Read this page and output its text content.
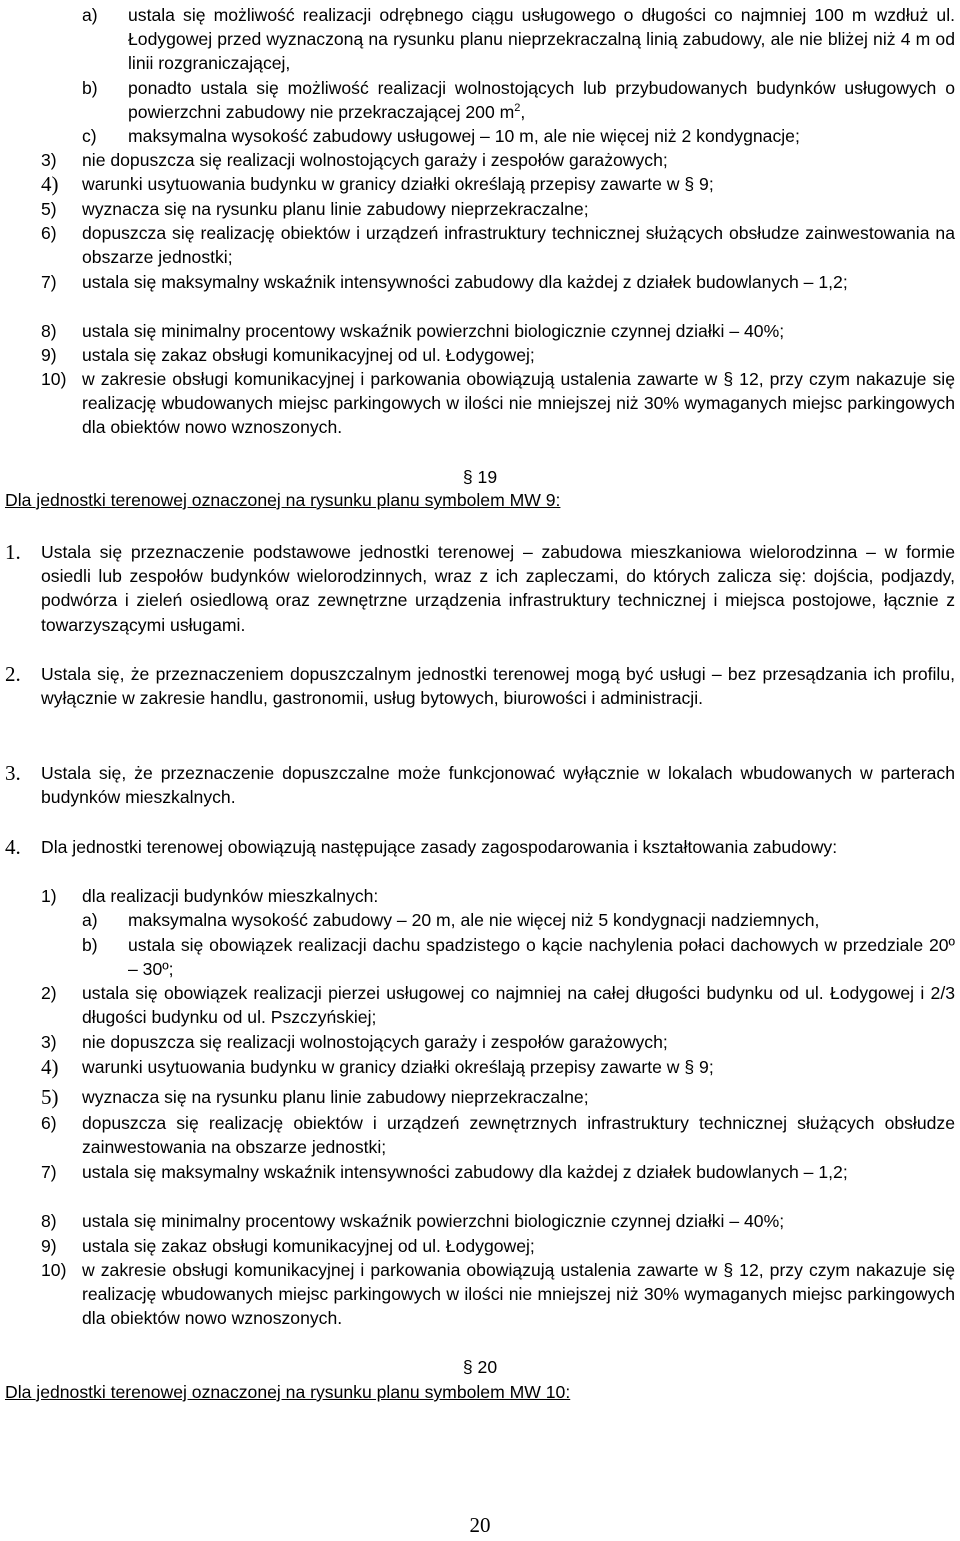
a) ustala się możliwość realizacji odrębnego ciągu usługowego o długości co najmniej 100 m wzdłuż ul. Łodygowej przed wyznaczoną na rysunku planu nieprzekraczalną linią zabudowy, ale nie bliżej niż 4 m od linii rozgraniczającej,
b) ponadto ustala się możliwość realizacji wolnostojących lub przybudowanych budynków usługowych o powierzchni zabudowy nie przekraczającej 200 $m^2$,
c) maksymalna wysokość zabudowy usługowej – 10 m, ale nie więcej niż 2 kondygnacje;
3) nie dopuszcza się realizacji wolnostojących garaży i zespołów garażowych;
4) warunki usytuowania budynku w granicy działki określają przepisy zawarte w § 9;
5) wyznacza się na rysunku planu linie zabudowy nieprzekraczalne;
6) dopuszcza się realizację obiektów i urządzeń infrastruktury technicznej służących obsłudze zainwestowania na obszarze jednostki;
7) ustala się maksymalny wskaźnik intensywności zabudowy dla każdej z działek budowlanych – 1,2;
8) ustala się minimalny procentowy wskaźnik powierzchni biologicznie czynnej działki – 40%;
9) ustala się zakaz obsługi komunikacyjnej od ul. Łodygowej;
10) w zakresie obsługi komunikacyjnej i parkowania obowiązują ustalenia zawarte w § 12, przy czym nakazuje się realizację wbudowanych miejsc parkingowych w ilości nie mniejszej niż 30% wymaganych miejsc parkingowych dla obiektów nowo wznoszonych.
§ 19
Dla jednostki terenowej oznaczonej na rysunku planu symbolem MW 9:
1. Ustala się przeznaczenie podstawowe jednostki terenowej – zabudowa mieszkaniowa wielorodzinna – w formie osiedli lub zespołów budynków wielorodzinnych, wraz z ich zapleczami, do których zalicza się: dojścia, podjazdy, podwórza i zieleń osiedlową oraz zewnętrzne urządzenia infrastruktury technicznej i miejsca postojowe, łącznie z towarzyszącymi usługami.
2. Ustala się, że przeznaczeniem dopuszczalnym jednostki terenowej mogą być usługi – bez przesądzania ich profilu, wyłącznie w zakresie handlu, gastronomii, usług bytowych, biurowości i administracji.
3. Ustala się, że przeznaczenie dopuszczalne może funkcjonować wyłącznie w lokalach wbudowanych w parterach budynków mieszkalnych.
4. Dla jednostki terenowej obowiązują następujące zasady zagospodarowania i kształtowania zabudowy:
1) dla realizacji budynków mieszkalnych:
a) maksymalna wysokość zabudowy – 20 m, ale nie więcej niż 5 kondygnacji nadziemnych,
b) ustala się obowiązek realizacji dachu spadzistego o kącie nachylenia połaci dachowych w przedziale 20º – 30º;
2) ustala się obowiązek realizacji pierzei usługowej co najmniej na całej długości budynku od ul. Łodygowej i 2/3 długości budynku od ul. Pszczyńskiej;
3) nie dopuszcza się realizacji wolnostojących garaży i zespołów garażowych;
4) warunki usytuowania budynku w granicy działki określają przepisy zawarte w § 9;
5) wyznacza się na rysunku planu linie zabudowy nieprzekraczalne;
6) dopuszcza się realizację obiektów i urządzeń zewnętrznych infrastruktury technicznej służących obsłudze zainwestowania na obszarze jednostki;
7) ustala się maksymalny wskaźnik intensywności zabudowy dla każdej z działek budowlanych – 1,2;
8) ustala się minimalny procentowy wskaźnik powierzchni biologicznie czynnej działki – 40%;
9) ustala się zakaz obsługi komunikacyjnej od ul. Łodygowej;
10) w zakresie obsługi komunikacyjnej i parkowania obowiązują ustalenia zawarte w § 12, przy czym nakazuje się realizację wbudowanych miejsc parkingowych w ilości nie mniejszej niż 30% wymaganych miejsc parkingowych dla obiektów nowo wznoszonych.
§ 20
Dla jednostki terenowej oznaczonej na rysunku planu symbolem MW 10:
20
